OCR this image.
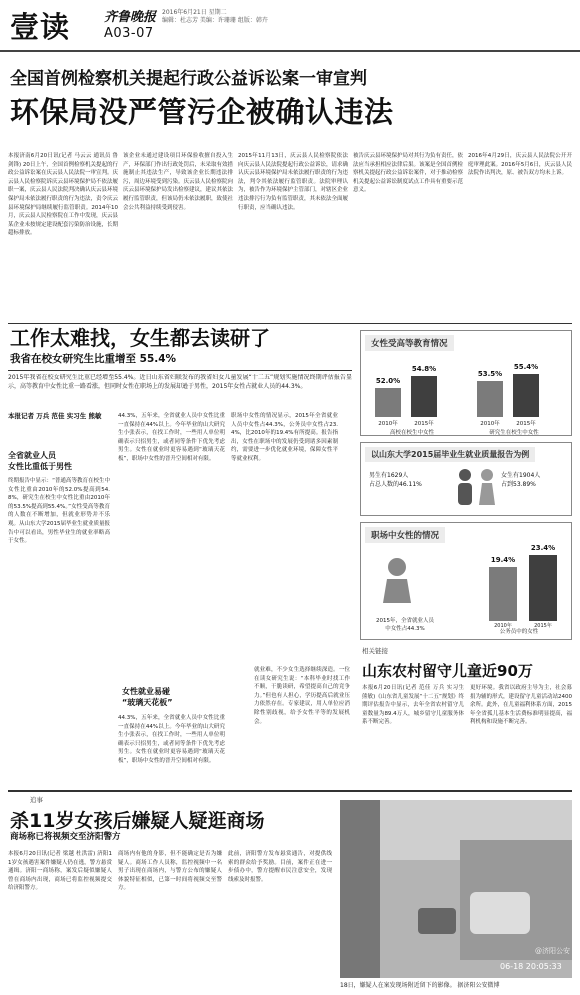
壹读	齐鲁晚报
A03-07
2016年6月21日 星期二
编辑：杜志芳 美编：许珊珊 组版：韩卉
全国首例检察机关提起行政公益诉讼案一审宣判
环保局没严管污企被确认违法
本报济南6月20日讯(记者 马云云 通讯员 鲁剑锋) 20日上午，全国首例检察机关提起的行政公益诉讼案在庆云县人民法院一审宣判。庆云县人民检察院诉庆云县环境保护局不依法履职一案，庆云县人民法院判决确认庆云县环境保护局未依法履行职责的行为违法，责令庆云县环境保护局继续履行监管职责。2014年10月，庆云县人民检察院在工作中发现，庆云县某企业未按规定建设配套污染防治设施，长期超标排放。
该企业未通过建设项目环保验收擅自投入生产，环保部门作出行政处罚后，未采取有效措施制止其违法生产，导致该企业长期违法排污，周边环境受到污染。庆云县人民检察院向庆云县环境保护局发出检察建议，建议其依法履行监管职责，但该局仍未依法履职，致使社会公共利益持续受到侵害。
2015年11月13日，庆云县人民检察院依法向庆云县人民法院提起行政公益诉讼，请求确认庆云县环境保护局未依法履行职责的行为违法，判令其依法履行监管职责。法院审理认为，被告作为环境保护主管部门，对辖区企业违法排污行为负有监管职责，其未依法全面履行职责，应当确认违法。
被告庆云县环境保护局对其行为负有责任，依法应当承担相应法律后果。该案是全国首例检察机关提起行政公益诉讼案件，对于推动检察机关提起公益诉讼制度试点工作具有重要示范意义。
2016年4月29日，庆云县人民法院公开开庭审理此案。2016年5月6日，庆云县人民法院作出判决，原、被告双方均未上诉。
工作太难找，女生都去读研了
我省在校女研究生比重增至 55.4%
2015年我省在校女研究生比重已经增至55.4%。近日山东省妇联发布的我省妇女儿童发展“十二五”规划实施情况终期评估报告显示，高等教育中女性比重一路看涨，但同时女性在职场上的发展却逊于男性，2015年女性占就业人员的44.3%。
本报记者 万兵 范佳 实习生 熊敏
全省就业人员
女性比重低于男性
终期报告中显示：“普通高等教育在校生中女性比重由2010年的52.0%提高到54.8%，研究生在校生中女性比重由2010年的53.5%提高到55.4%。”女性受高等教育的人数在不断增加，但就业形势并不乐观。从山东大学2015届毕业生就业质量报告中可以看出，男性毕业生的就业率略高于女性。
44.3%，五年来，全省就业人员中女性比重一直保持在44%以上。今年毕业的山大研究生小张表示，在找工作时，一些用人单位明确表示只招男生，或者同等条件下优先考虑男生。女性在就业时更容易遇到“玻璃天花板”，职场中女性的晋升空间相对有限。
女性就业易碰
“玻璃天花板”
44.3%，五年来，全省就业人员中女性比重一直保持在44%以上。今年毕业的山大研究生小张表示，在找工作时，一些用人单位明确表示只招男生，或者同等条件下优先考虑男生。女性在就业时更容易遇到“玻璃天花板”，职场中女性的晋升空间相对有限。
职场中女性的情况显示，2015年全省就业人员中女性占44.3%，公务员中女性占23.4%，比2010年的19.4%有所提高。报告指出，女性在职场中的发展仍受到诸多因素制约，需要进一步优化就业环境，保障女性平等就业权利。
就业难，不少女生选择继续深造。一位在读女研究生说：“本科毕业时找工作不顺，干脆读研，希望提高自己的竞争力。”但也有人担心，学历提高后就业压力依然存在。专家建议，用人单位应消除性别歧视，给予女性平等的发展机会。
女性受高等教育情况
52.0%
2010年
54.8%
2015年
高校在校生中女性
53.5%
2010年
55.4%
2015年
研究生在校生中女性
以山东大学2015届毕业生就业质量报告为例
男生有1629人
占总人数的46.11%
女生有1904人
占到53.89%
职场中女性的情况
19.4%
2010年
23.4%
2015年
2015年，全省就业人员
中女性占44.3%	公务员中的女性
相关链接
山东农村留守儿童近90万
本报6月20日讯(记者 范佳 万兵 实习生 熊敏)《山东省儿童发展“十二五”规划》终期评估报告中显示，去年全省农村留守儿童数量为89.4万人，城乡留守儿童服务体系不断完善。
更好环境。我省以政府主导为主，社会募捐为辅的形式，建设留守儿童活动站2400余所。此外，在儿童福利体系方面，2015年全省孤儿基本生活费标准明显提高，福利机构和设施不断完善。
追事
杀11岁女孩后嫌疑人疑逛商场
商场称已将视频交至济阳警方
本报6月20日讯(记者 梁越 杜洪雷) 济阳11岁女孩遇害案件嫌疑人仍在逃，警方悬赏通缉。济阳一商场称，案发后疑似嫌疑人曾在商场内出现，商场已将监控视频提交给济阳警方。
商场内有他的身影，但不能确定是否为嫌疑人。商场工作人员称，监控视频中一名男子出现在商场内，与警方公布的嫌疑人体貌特征相似，已第一时间将视频交至警方。
此前，济阳警方发布悬赏通告，对提供线索的群众给予奖励。目前，案件正在进一步侦办中，警方提醒市民注意安全，发现线索及时报警。
06-18 20:05:33
@济阳公安
18日，嫌疑人在案发现场附近留下的影像。 据济阳公安微博
